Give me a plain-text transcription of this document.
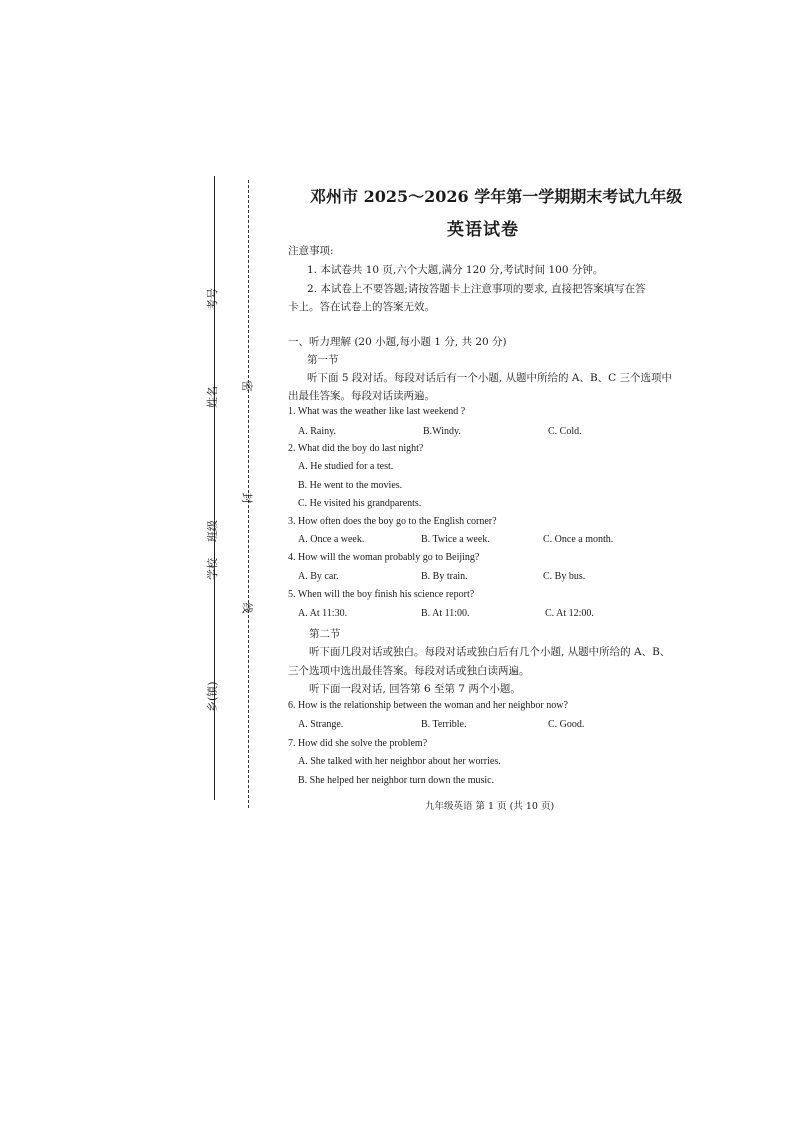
考号
姓名
班级
学校
乡(镇)
密
封
线
邓州市 2025～2026 学年第一学期期末考试九年级
英语试卷
注意事项:
1. 本试卷共 10 页,六个大题,满分 120 分,考试时间 100 分钟。
2. 本试卷上不要答题;请按答题卡上注意事项的要求, 直接把答案填写在答
卡上。答在试卷上的答案无效。
一、听力理解 (20 小题,每小题 1 分, 共 20 分)
第一节
听下面 5 段对话。每段对话后有一个小题, 从题中所给的 A、B、C 三个选项中
出最佳答案。每段对话读两遍。
1. What was the weather like last weekend ?
A. Rainy.	B.Windy.	C. Cold.
2. What did the boy do last night?
A. He studied for a test.
B. He went to the movies.
C. He visited his grandparents.
3. How often does the boy go to the English corner?
A. Once a week.	B. Twice a week.	C. Once a month.
4. How will the woman probably go to Beijing?
A. By car.	B. By train.	C. By bus.
5. When will the boy finish his science report?
A. At 11:30.	B. At 11:00.	C. At 12:00.
第二节
听下面几段对话或独白。每段对话或独白后有几个小题, 从题中所给的 A、B、
三个选项中选出最佳答案。每段对话或独白读两遍。
听下面一段对话, 回答第 6 至第 7 两个小题。
6. How is the relationship between the woman and her neighbor now?
A. Strange.	B. Terrible.	C. Good.
7. How did she solve the problem?
A. She talked with her neighbor about her worries.
B. She helped her neighbor turn down the music.
九年级英语 第 1 页 (共 10 页)
